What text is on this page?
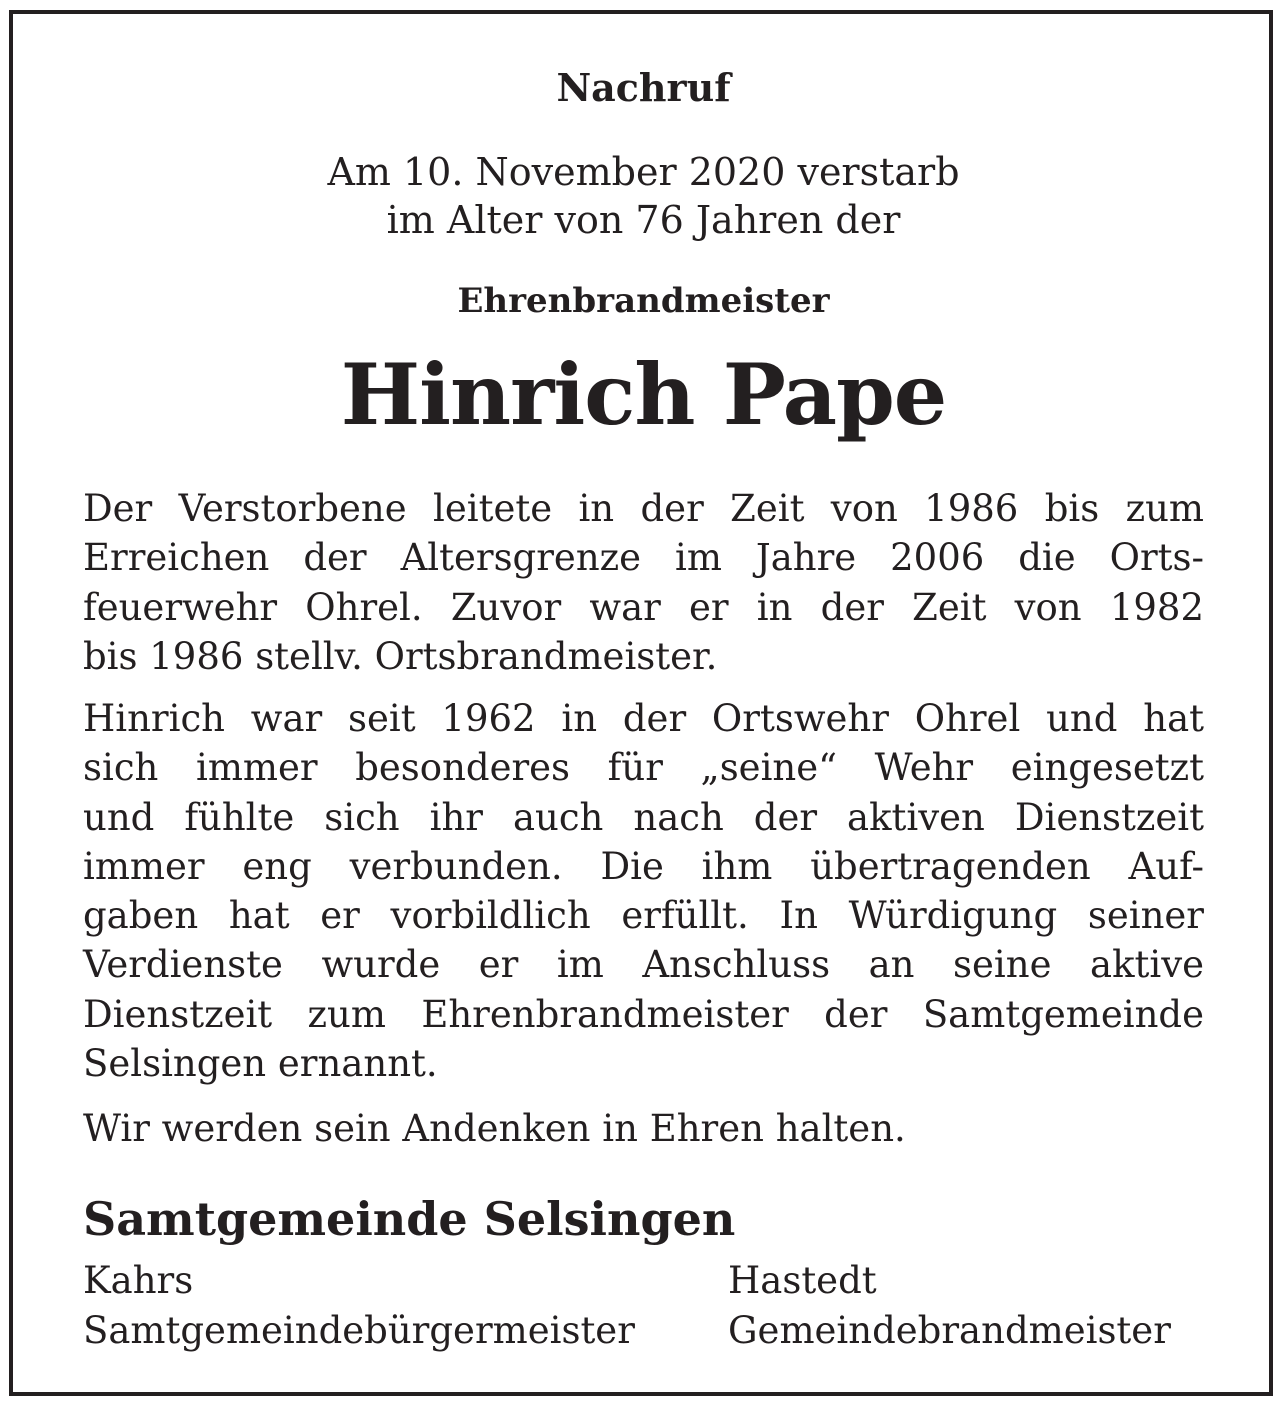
Nachruf
Am 10. November 2020 verstarb
im Alter von 76 Jahren der
Ehrenbrandmeister
Hinrich Pape
Der Verstorbene leitete in der Zeit von 1986 bis zum
Erreichen der Altersgrenze im Jahre 2006 die Orts-
feuerwehr Ohrel. Zuvor war er in der Zeit von 1982
bis 1986 stellv. Ortsbrandmeister.
Hinrich war seit 1962 in der Ortswehr Ohrel und hat
sich immer besonderes für „seine“ Wehr eingesetzt
und fühlte sich ihr auch nach der aktiven Dienstzeit
immer eng verbunden. Die ihm übertragenden Auf-
gaben hat er vorbildlich erfüllt. In Würdigung seiner
Verdienste wurde er im Anschluss an seine aktive
Dienstzeit zum Ehrenbrandmeister der Samtgemeinde
Selsingen ernannt.
Wir werden sein Andenken in Ehren halten.
Samtgemeinde Selsingen
Kahrs
Samtgemeindebürgermeister
Hastedt
Gemeindebrandmeister
